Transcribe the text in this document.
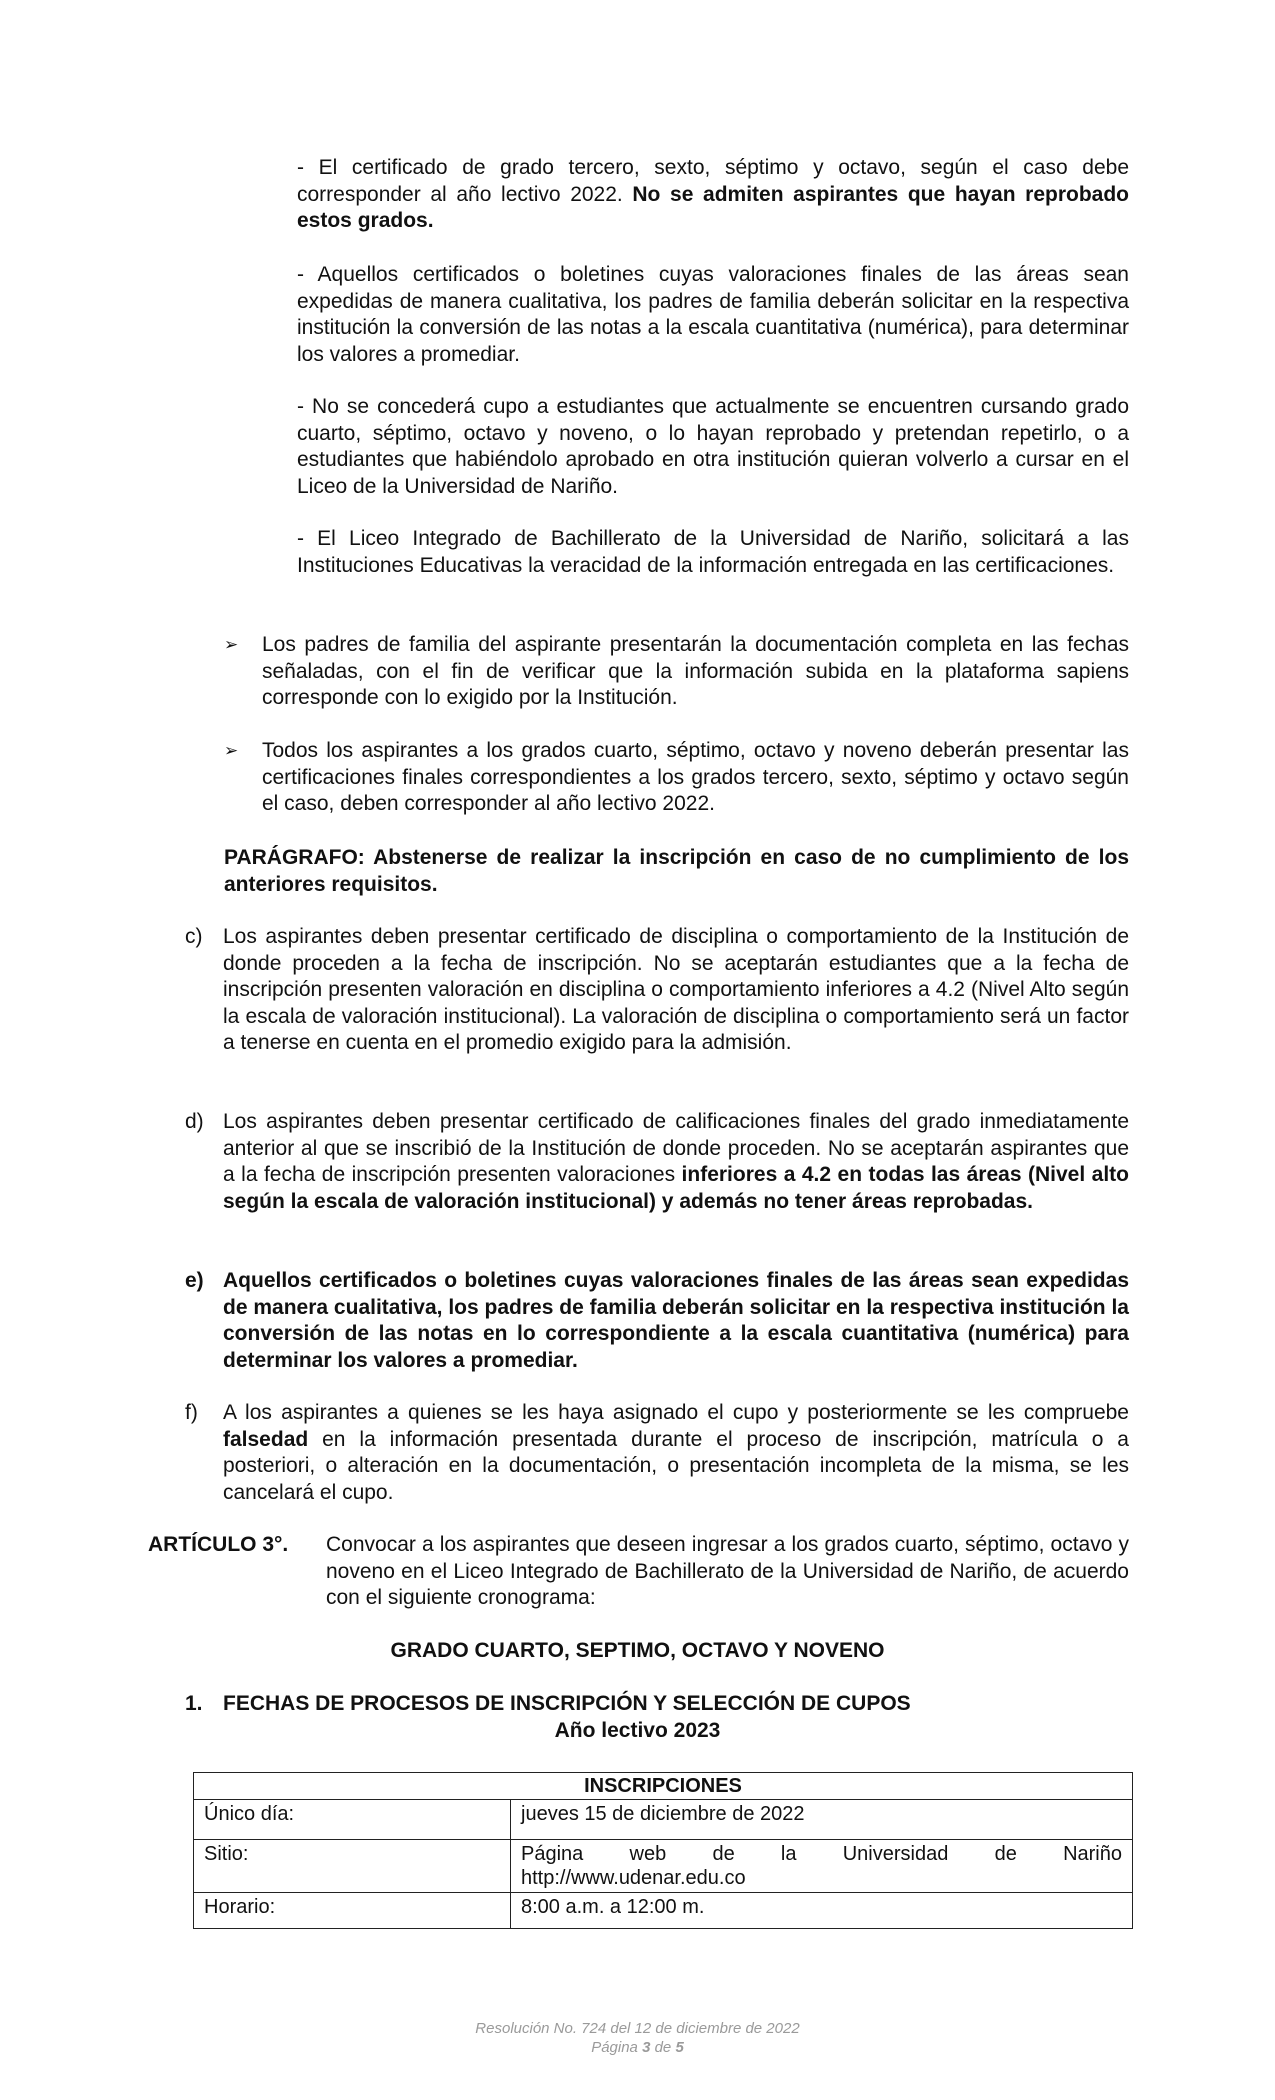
- El certificado de grado tercero, sexto, séptimo y octavo, según el caso debe corresponder al año lectivo 2022. No se admiten aspirantes que hayan reprobado estos grados.

- Aquellos certificados o boletines cuyas valoraciones finales de las áreas sean expedidas de manera cualitativa, los padres de familia deberán solicitar en la respectiva institución la conversión de las notas a la escala cuantitativa (numérica), para determinar los valores a promediar.

- No se concederá cupo a estudiantes que actualmente se encuentren cursando grado cuarto, séptimo, octavo y noveno, o lo hayan reprobado y pretendan repetirlo, o a estudiantes que habiéndolo aprobado en otra institución quieran volverlo a cursar en el Liceo de la Universidad de Nariño.

- El Liceo Integrado de Bachillerato de la Universidad de Nariño, solicitará a las Instituciones Educativas la veracidad de la información entregada en las certificaciones.

➢ Los padres de familia del aspirante presentarán la documentación completa en las fechas señaladas, con el fin de verificar que la información subida en la plataforma sapiens corresponde con lo exigido por la Institución.
➢ Todos los aspirantes a los grados cuarto, séptimo, octavo y noveno deberán presentar las certificaciones finales correspondientes a los grados tercero, sexto, séptimo y octavo según el caso, deben corresponder al año lectivo 2022.

PARÁGRAFO: Abstenerse de realizar la inscripción en caso de no cumplimiento de los anteriores requisitos.

c) Los aspirantes deben presentar certificado de disciplina o comportamiento de la Institución de donde proceden a la fecha de inscripción. No se aceptarán estudiantes que a la fecha de inscripción presenten valoración en disciplina o comportamiento inferiores a 4.2 (Nivel Alto según la escala de valoración institucional). La valoración de disciplina o comportamiento será un factor a tenerse en cuenta en el promedio exigido para la admisión.
d) Los aspirantes deben presentar certificado de calificaciones finales del grado inmediatamente anterior al que se inscribió de la Institución de donde proceden. No se aceptarán aspirantes que a la fecha de inscripción presenten valoraciones inferiores a 4.2 en todas las áreas (Nivel alto según la escala de valoración institucional) y además no tener áreas reprobadas.
e) Aquellos certificados o boletines cuyas valoraciones finales de las áreas sean expedidas de manera cualitativa, los padres de familia deberán solicitar en la respectiva institución la conversión de las notas en lo correspondiente a la escala cuantitativa (numérica) para determinar los valores a promediar.
f) A los aspirantes a quienes se les haya asignado el cupo y posteriormente se les compruebe falsedad en la información presentada durante el proceso de inscripción, matrícula o a posteriori, o alteración en la documentación, o presentación incompleta de la misma, se les cancelará el cupo.
ARTÍCULO 3°. Convocar a los aspirantes que deseen ingresar a los grados cuarto, séptimo, octavo y noveno en el Liceo Integrado de Bachillerato de la Universidad de Nariño, de acuerdo con el siguiente cronograma:
GRADO CUARTO, SEPTIMO, OCTAVO Y NOVENO
1. FECHAS DE PROCESOS DE INSCRIPCIÓN Y SELECCIÓN DE CUPOS
Año lectivo 2023
INSCRIPCIONES	
Único día:	jueves 15 de diciembre de 2022
Sitio:	Página web de la Universidad de Nariño
http://www.udenar.edu.co

Horario:	8:00 a.m. a 12:00 m.
Resolución No. 724 del 12 de diciembre de 2022
Página 3 de 5
